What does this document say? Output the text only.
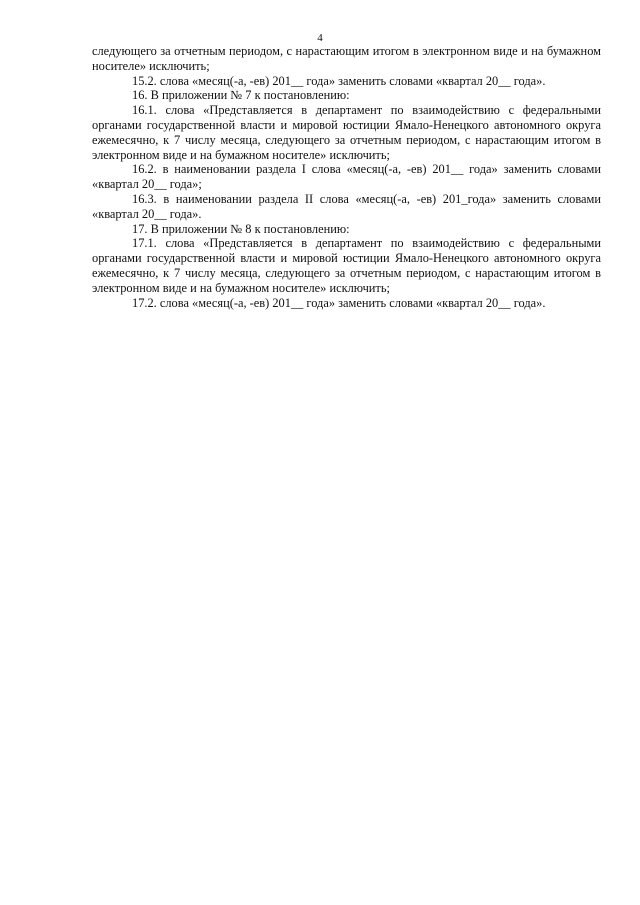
4

следующего за отчетным периодом, с нарастающим итогом в электронном виде и на бумажном носителе» исключить;

15.2. слова «месяц(-а, -ев) 201__ года» заменить словами «квартал 20__ года».

16. В приложении № 7 к постановлению:

16.1. слова «Представляется в департамент по взаимодействию с федеральными органами государственной власти и мировой юстиции Ямало-Ненецкого автономного округа ежемесячно, к 7 числу месяца, следующего за отчетным периодом, с нарастающим итогом в электронном виде и на бумажном носителе» исключить;

16.2. в наименовании раздела I слова «месяц(-а, -ев) 201__ года» заменить словами «квартал 20__ года»;

16.3. в наименовании раздела II слова «месяц(-а, -ев) 201_года» заменить словами «квартал 20__ года».

17. В приложении № 8 к постановлению:

17.1. слова «Представляется в департамент по взаимодействию с федеральными органами государственной власти и мировой юстиции Ямало-Ненецкого автономного округа ежемесячно, к 7 числу месяца, следующего за отчетным периодом, с нарастающим итогом в электронном виде и на бумажном носителе» исключить;

17.2. слова «месяц(-а, -ев) 201__ года» заменить словами «квартал 20__ года».
